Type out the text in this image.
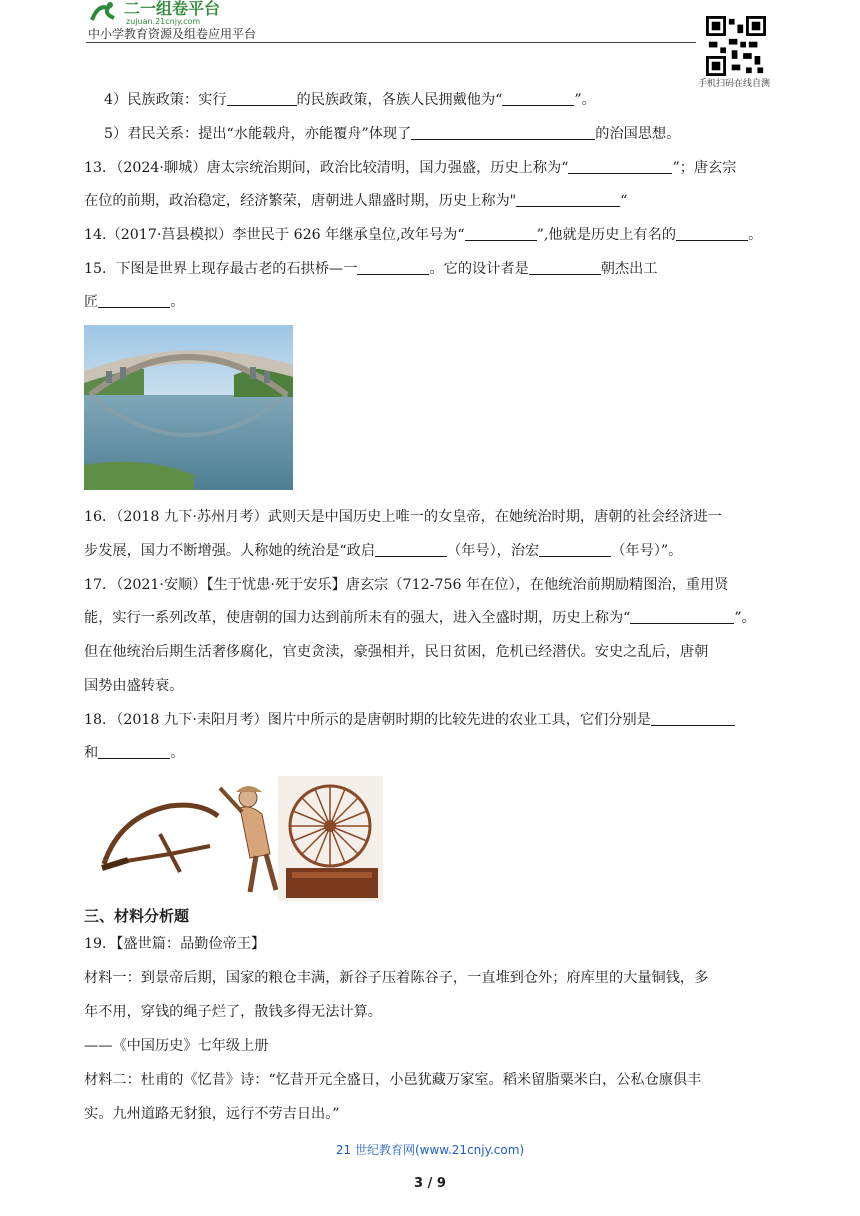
二一组卷平台
zujuan.21cnjy.com
中小学教育资源及组卷应用平台
手机扫码在线自测
4）民族政策：实行	的民族政策，各族人民拥戴他为“	”。
5）君民关系：提出“水能载舟，亦能覆舟”体现了	的治国思想。
13．（2024·聊城）唐太宗统治期间，政治比较清明，国力强盛，历史上称为“	”；唐玄宗
在位的前期，政治稳定，经济繁荣，唐朝进人鼎盛时期，历史上称为"	“
14.（2017·莒县模拟）李世民于 626 年继承皇位,改年号为“	”,他就是历史上有名的	。
15．下图是世界上现存最古老的石拱桥—一	。它的设计者是	朝杰出工
匠	。
16．（2018 九下·苏州月考）武则天是中国历史上唯一的女皇帝，在她统治时期，唐朝的社会经济进一
步发展，国力不断增强。人称她的统治是“政启	（年号），治宏	（年号）”。
17．（2021·安顺）【生于忧患·死于安乐】唐玄宗（712-756 年在位），在他统治前期励精图治，重用贤
能，实行一系列改革，使唐朝的国力达到前所未有的强大，进入全盛时期，历史上称为“	”。
但在他统治后期生活奢侈腐化，官吏贪渎，豪强相并，民日贫困，危机已经潜伏。安史之乱后，唐朝
国势由盛转衰。
18．（2018 九下·耒阳月考）图片中所示的是唐朝时期的比较先进的农业工具，它们分别是
和	。
三、材料分析题
19．【盛世篇：品勤俭帝王】
材料一：到景帝后期，国家的粮仓丰满，新谷子压着陈谷子，一直堆到仓外；府库里的大量铜钱，多
年不用，穿钱的绳子烂了，散钱多得无法计算。
——《中国历史》七年级上册
材料二：杜甫的《忆昔》诗：“忆昔开元全盛日，小邑犹藏万家室。稻米留脂粟米白，公私仓廪俱丰
实。九州道路无豺狼，远行不劳吉日出。”
21 世纪教育网(www.21cnjy.com)
3 / 9
